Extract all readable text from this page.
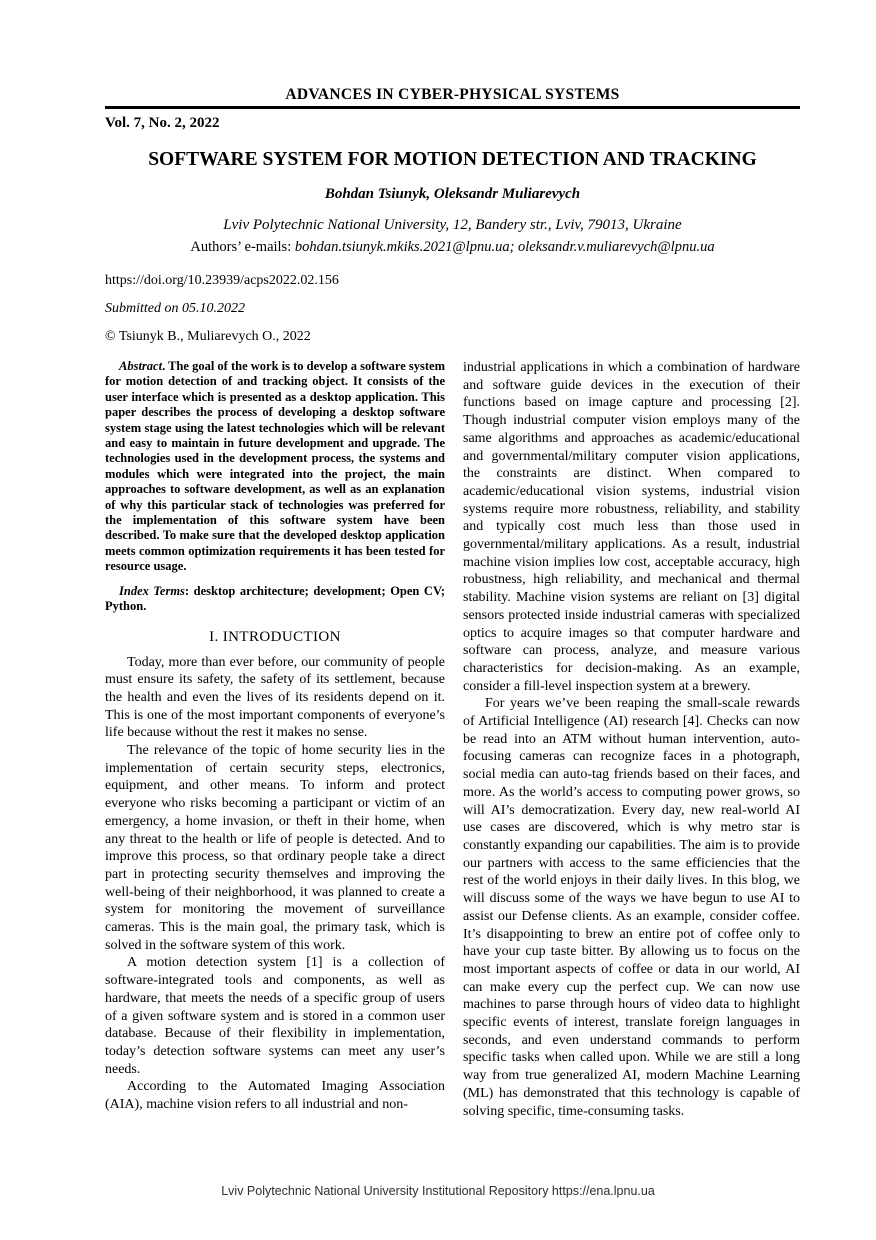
ADVANCES IN CYBER-PHYSICAL SYSTEMS
Vol. 7, No. 2, 2022
SOFTWARE SYSTEM FOR MOTION DETECTION AND TRACKING
Bohdan Tsiunyk, Oleksandr Muliarevych
Lviv Polytechnic National University, 12, Bandery str., Lviv, 79013, Ukraine
Authors’ e-mails: bohdan.tsiunyk.mkiks.2021@lpnu.ua; oleksandr.v.muliarevych@lpnu.ua
https://doi.org/10.23939/acps2022.02.156
Submitted on 05.10.2022
© Tsiunyk B., Muliarevych O., 2022

Abstract. The goal of the work is to develop a software system for motion detection of and tracking object. It consists of the user interface which is presented as a desktop application. This paper describes the process of developing a desktop software system stage using the latest technologies which will be relevant and easy to maintain in future development and upgrade. The technologies used in the development process, the systems and modules which were integrated into the project, the main approaches to software development, as well as an explanation of why this particular stack of technologies was preferred for the implementation of this software system have been described. To make sure that the developed desktop application meets common optimization requirements it has been tested for resource usage.

Index Terms: desktop architecture; development; Open CV; Python.

I. INTRODUCTION

Today, more than ever before, our community of people must ensure its safety, the safety of its settlement, because the health and even the lives of its residents depend on it. This is one of the most important components of everyone’s life because without the rest it makes no sense.

The relevance of the topic of home security lies in the implementation of certain security steps, electronics, equipment, and other means. To inform and protect everyone who risks becoming a participant or victim of an emergency, a home invasion, or theft in their home, when any threat to the health or life of people is detected. And to improve this process, so that ordinary people take a direct part in protecting security themselves and improving the well-being of their neighborhood, it was planned to create a system for monitoring the movement of surveillance cameras. This is the main goal, the primary task, which is solved in the software system of this work.

A motion detection system [1] is a collection of software-integrated tools and components, as well as hardware, that meets the needs of a specific group of users of a given software system and is stored in a common user database. Because of their flexibility in implementation, today’s detection software systems can meet any user’s needs.

According to the Automated Imaging Association (AIA), machine vision refers to all industrial and non-

industrial applications in which a combination of hardware and software guide devices in the execution of their functions based on image capture and processing [2]. Though industrial computer vision employs many of the same algorithms and approaches as academic/educational and governmental/military computer vision applications, the constraints are distinct. When compared to academic/educational vision systems, industrial vision systems require more robustness, reliability, and stability and typically cost much less than those used in governmental/military applications. As a result, industrial machine vision implies low cost, acceptable accuracy, high robustness, high reliability, and mechanical and thermal stability. Machine vision systems are reliant on [3] digital sensors protected inside industrial cameras with specialized optics to acquire images so that computer hardware and software can process, analyze, and measure various characteristics for decision-making. As an example, consider a fill-level inspection system at a brewery.

For years we’ve been reaping the small-scale rewards of Artificial Intelligence (AI) research [4]. Checks can now be read into an ATM without human intervention, auto-focusing cameras can recognize faces in a photograph, social media can auto-tag friends based on their faces, and more. As the world’s access to computing power grows, so will AI’s democratization. Every day, new real-world AI use cases are discovered, which is why metro star is constantly expanding our capabilities. The aim is to provide our partners with access to the same efficiencies that the rest of the world enjoys in their daily lives. In this blog, we will discuss some of the ways we have begun to use AI to assist our Defense clients. As an example, consider coffee. It’s disappointing to brew an entire pot of coffee only to have your cup taste bitter. By allowing us to focus on the most important aspects of coffee or data in our world, AI can make every cup the perfect cup. We can now use machines to parse through hours of video data to highlight specific events of interest, translate foreign languages in seconds, and even understand commands to perform specific tasks when called upon. While we are still a long way from true generalized AI, modern Machine Learning (ML) has demonstrated that this technology is capable of solving specific, time-consuming tasks.

Lviv Polytechnic National University Institutional Repository https://ena.lpnu.ua
